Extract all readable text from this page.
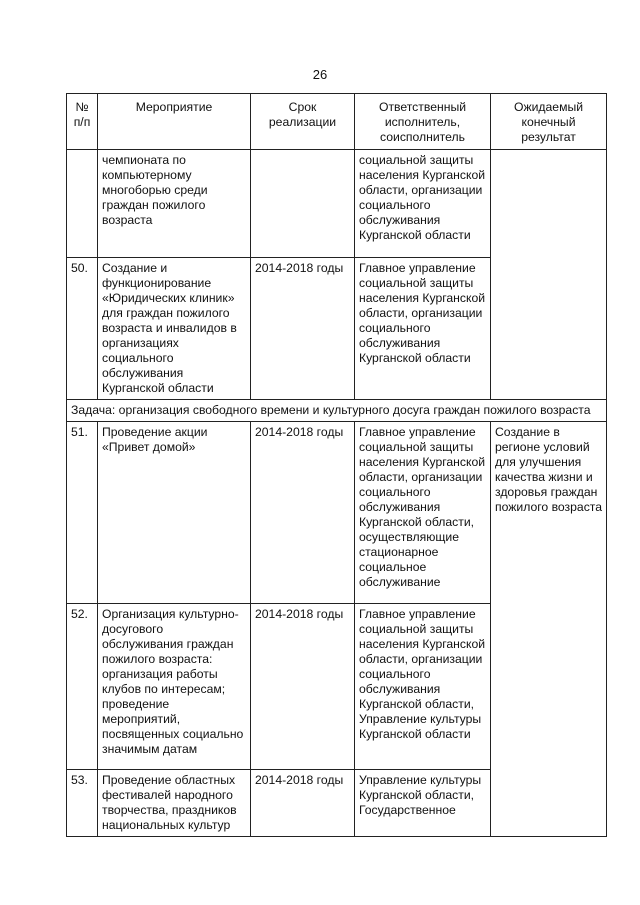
26
№ п/п	Мероприятие	Срок реализации	Ответственный исполнитель, соисполнитель	Ожидаемый конечный результат
	чемпионата по компьютерному многоборью среди граждан пожилого возраста		социальной защиты населения Курганской области, организации социального обслуживания Курганской области	
50.	Создание и функционирование «Юридических клиник» для граждан пожилого возраста и инвалидов в организациях социального обслуживания Курганской области	2014-2018 годы	Главное управление социальной защиты населения Курганской области, организации социального обслуживания Курганской области	
Задача: организация свободного времени и культурного досуга граждан пожилого возраста				
51.	Проведение акции «Привет домой»	2014-2018 годы	Главное управление социальной защиты населения Курганской области, организации социального обслуживания Курганской области, осуществляющие стационарное социальное обслуживание	Создание в регионе условий для улучшения качества жизни и здоровья граждан пожилого возраста
52.	Организация культурно-досугового обслуживания граждан пожилого возраста: организация работы клубов по интересам; проведение мероприятий, посвященных социально значимым датам	2014-2018 годы	Главное управление социальной защиты населения Курганской области, организации социального обслуживания Курганской области, Управление культуры Курганской области	
53.	Проведение областных фестивалей народного творчества, праздников национальных культур	2014-2018 годы	Управление культуры Курганской области, Государственное	
